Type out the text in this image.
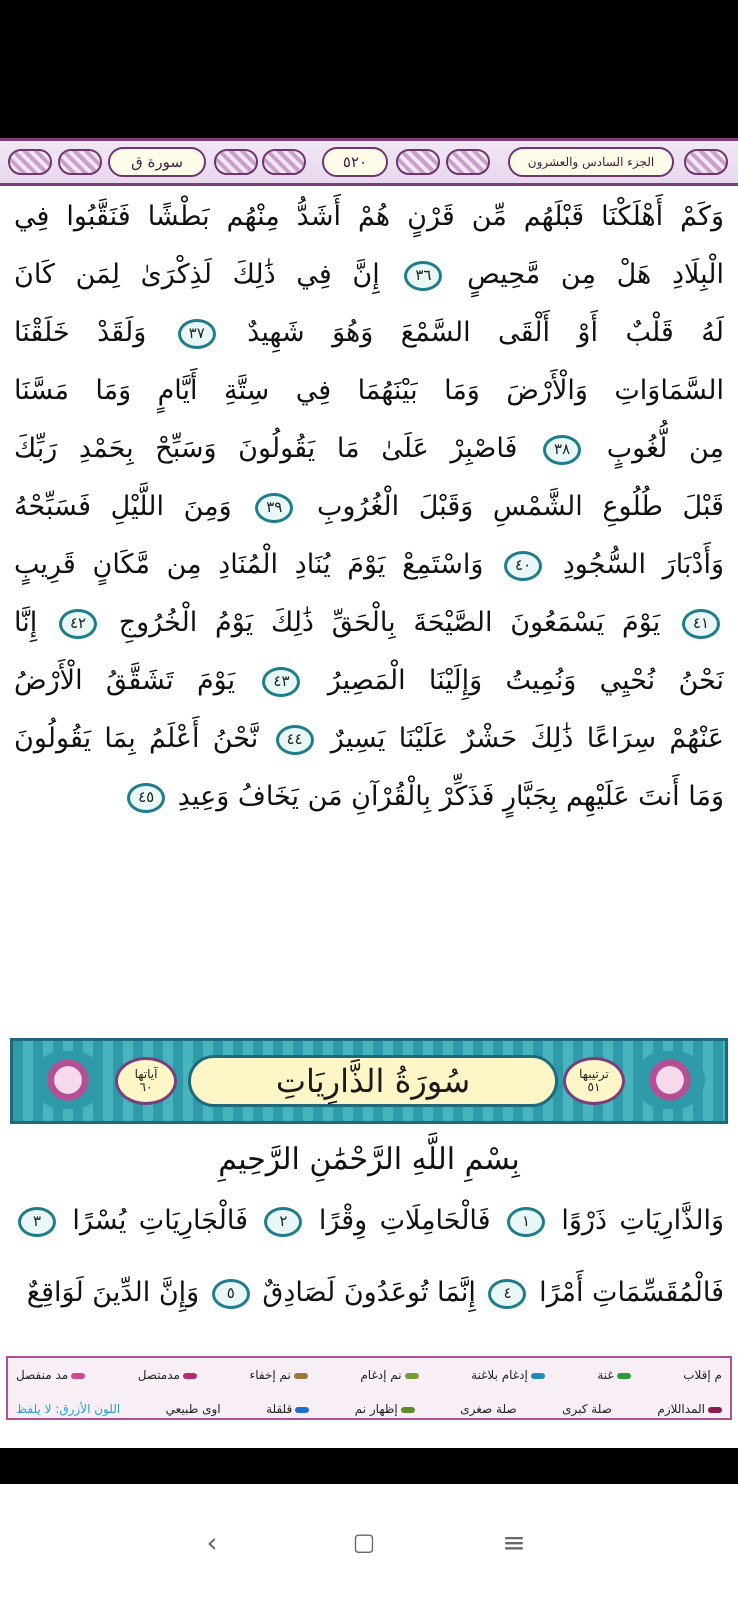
سورة ق	٥٢٠	الجزء السادس والعشرون
وَكَمْ أَهْلَكْنَا قَبْلَهُم مِّن قَرْنٍ هُمْ أَشَدُّ مِنْهُم بَطْشًا فَنَقَّبُوا فِي
الْبِلَادِ هَلْ مِن مَّحِيصٍ ٣٦ إِنَّ فِي ذَٰلِكَ لَذِكْرَىٰ لِمَن كَانَ
لَهُ قَلْبٌ أَوْ أَلْقَى السَّمْعَ وَهُوَ شَهِيدٌ ٣٧ وَلَقَدْ خَلَقْنَا
السَّمَاوَاتِ وَالْأَرْضَ وَمَا بَيْنَهُمَا فِي سِتَّةِ أَيَّامٍ وَمَا مَسَّنَا
مِن لُّغُوبٍ ٣٨ فَاصْبِرْ عَلَىٰ مَا يَقُولُونَ وَسَبِّحْ بِحَمْدِ رَبِّكَ
قَبْلَ طُلُوعِ الشَّمْسِ وَقَبْلَ الْغُرُوبِ ٣٩ وَمِنَ اللَّيْلِ فَسَبِّحْهُ
وَأَدْبَارَ السُّجُودِ ٤٠ وَاسْتَمِعْ يَوْمَ يُنَادِ الْمُنَادِ مِن مَّكَانٍ قَرِيبٍ
٤١ يَوْمَ يَسْمَعُونَ الصَّيْحَةَ بِالْحَقِّ ذَٰلِكَ يَوْمُ الْخُرُوجِ ٤٢ إِنَّا
نَحْنُ نُحْيِي وَنُمِيتُ وَإِلَيْنَا الْمَصِيرُ ٤٣ يَوْمَ تَشَقَّقُ الْأَرْضُ
عَنْهُمْ سِرَاعًا ذَٰلِكَ حَشْرٌ عَلَيْنَا يَسِيرٌ ٤٤ نَّحْنُ أَعْلَمُ بِمَا يَقُولُونَ
وَمَا أَنتَ عَلَيْهِم بِجَبَّارٍ فَذَكِّرْ بِالْقُرْآنِ مَن يَخَافُ وَعِيدِ ٤٥
آياتها
٦٠	سُورَةُ الذَّارِيَاتِ	ترتيبها
٥١
بِسْمِ اللَّهِ الرَّحْمَٰنِ الرَّحِيمِ
وَالذَّارِيَاتِ ذَرْوًا ١ فَالْحَامِلَاتِ وِقْرًا ٢ فَالْجَارِيَاتِ يُسْرًا ٣
فَالْمُقَسِّمَاتِ أَمْرًا ٤ إِنَّمَا تُوعَدُونَ لَصَادِقٌ ٥ وَإِنَّ الدِّينَ لَوَاقِعٌ
م إقلاب
غنة
إدغام بلاغنة
نم إدغام
نم إخفاء
مدمتصل
مد منفصل
المداللازم
صلة كبرى
صلة صغرى
إظهار نم
قلقلة
اوى طبيعي
اللون الأزرق: لا يلفظ
‹	▢	≡
